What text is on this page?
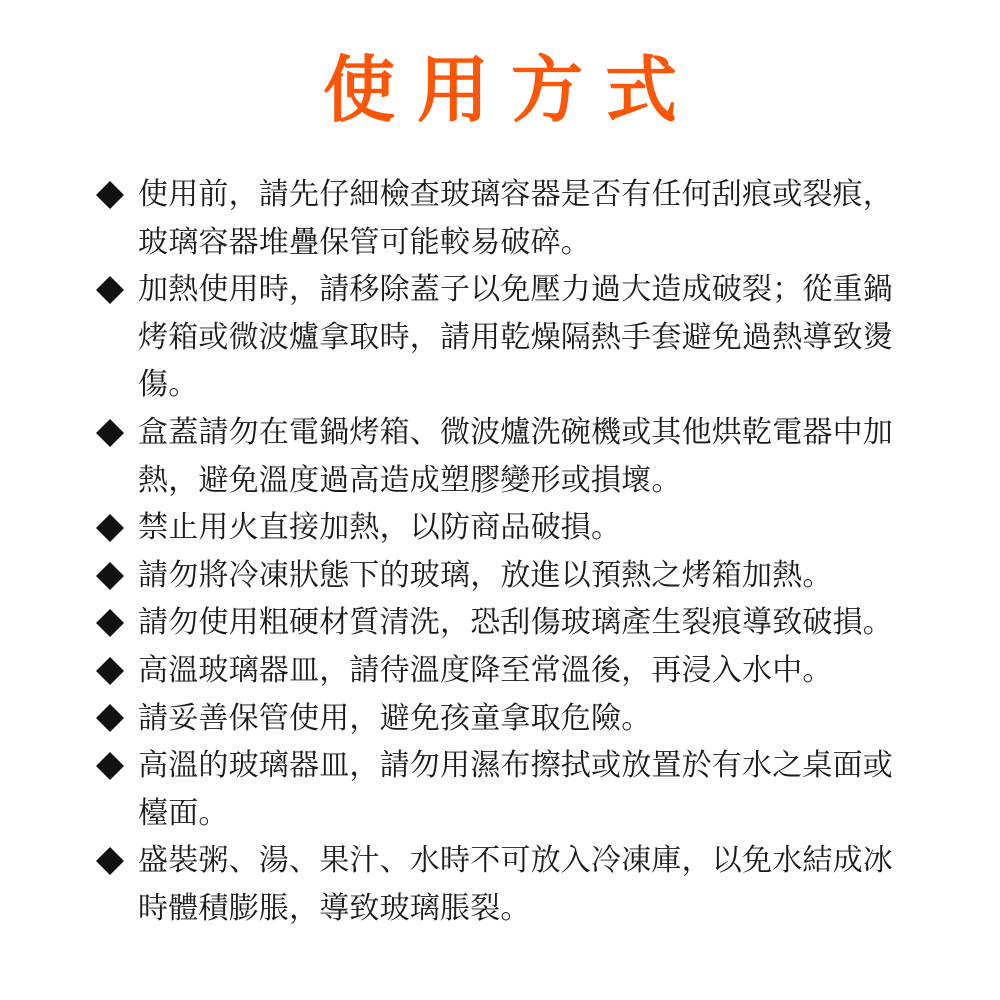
使用方式
使用前，請先仔細檢查玻璃容器是否有任何刮痕或裂痕，玻璃容器堆疊保管可能較易破碎。
加熱使用時，請移除蓋子以免壓力過大造成破裂；從重鍋烤箱或微波爐拿取時，請用乾燥隔熱手套避免過熱導致燙傷。
盒蓋請勿在電鍋烤箱、微波爐洗碗機或其他烘乾電器中加熱，避免溫度過高造成塑膠變形或損壞。
禁止用火直接加熱，以防商品破損。
請勿將冷凍狀態下的玻璃，放進以預熱之烤箱加熱。
請勿使用粗硬材質清洗，恐刮傷玻璃產生裂痕導致破損。
高溫玻璃器皿，請待溫度降至常溫後，再浸入水中。
請妥善保管使用，避免孩童拿取危險。
高溫的玻璃器皿，請勿用濕布擦拭或放置於有水之桌面或檯面。
盛裝粥、湯、果汁、水時不可放入冷凍庫，以免水結成冰時體積膨脹，導致玻璃脹裂。
